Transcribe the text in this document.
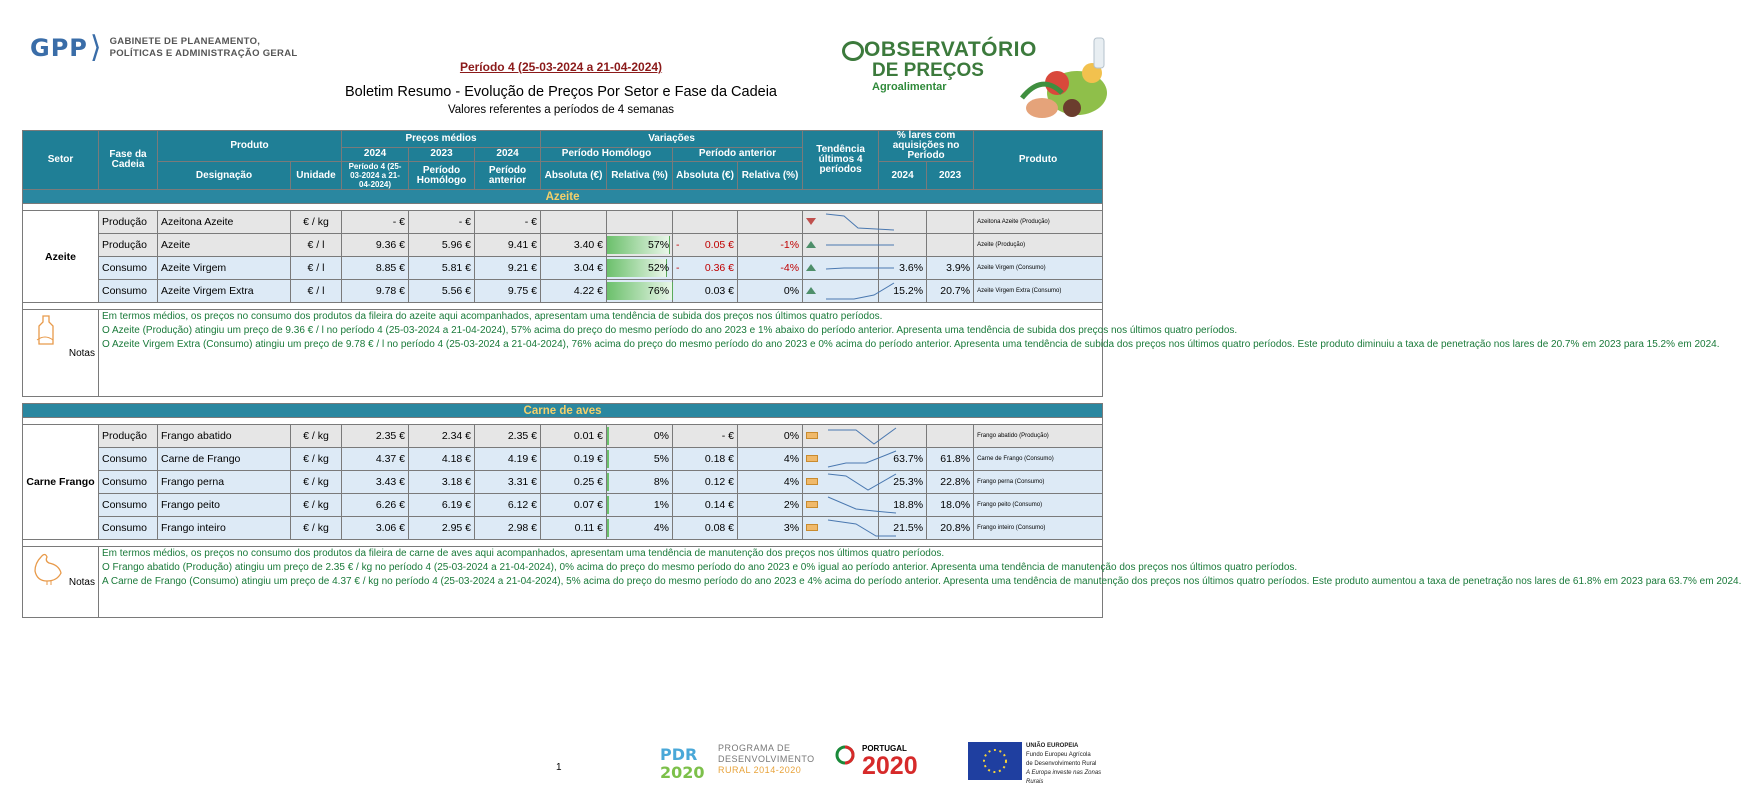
GPP ⟩ GABINETE DE PLANEAMENTO,
POLÍTICAS E ADMINISTRAÇÃO GERAL
Período 4 (25-03-2024 a 21-04-2024)
Boletim Resumo - Evolução de Preços Por Setor e Fase da Cadeia
Valores referentes a períodos de 4 semanas
OBSERVATÓRIO
DE PREÇOS
Agroalimentar
Setor	Fase da Cadeia	Produto		Preços médios			Variações				Tendência últimos 4 períodos	% lares com aquisições no Período		Produto
				2024	2023	2024	Período Homólogo		Período anterior					
		Designação	Unidade	Período 4 (25-03-2024 a 21-04-2024)	Período Homólogo	Período anterior	Absoluta (€)	Relativa (%)	Absoluta (€)	Relativa (%)		2024	2023	
Azeite														

Azeite	Produção	Azeitona Azeite	€ / kg	- €	- €	- €								Azeitona Azeite (Produção)
	Produção	Azeite	€ / l	9.36 €	5.96 €	9.41 €	3.40 €	57%	- 0.05 €	-1%				Azeite (Produção)
	Consumo	Azeite Virgem	€ / l	8.85 €	5.81 €	9.21 €	3.04 €	52%	- 0.36 €	-4%		3.6%	3.9%	Azeite Virgem (Consumo)
	Consumo	Azeite Virgem Extra	€ / l	9.78 €	5.56 €	9.75 €	4.22 €	76%	0.03 €	0%		15.2%	20.7%	Azeite Virgem Extra (Consumo)

Notas	Em termos médios, os preços no consumo dos produtos da fileira do azeite aqui acompanhados, apresentam uma tendência de subida dos preços nos últimos quatro períodos.
O Azeite (Produção) atingiu um preço de 9.36 € / l no período 4 (25-03-2024 a 21-04-2024), 57% acima do preço do mesmo período do ano 2023 e 1% abaixo do período anterior. Apresenta uma tendência de subida dos preços nos últimos quatro períodos.
O Azeite Virgem Extra (Consumo) atingiu um preço de 9.78 € / l no período 4 (25-03-2024 a 21-04-2024), 76% acima do preço do mesmo período do ano 2023 e 0% acima do período anterior. Apresenta uma tendência de subida dos preços nos últimos quatro períodos. Este produto diminuiu a taxa de penetração nos lares de 20.7% em 2023 para 15.2% em 2024.													

Carne de aves														

Carne Frango	Produção	Frango abatido	€ / kg	2.35 €	2.34 €	2.35 €	0.01 €	0%	- €	0%				Frango abatido (Produção)
	Consumo	Carne de Frango	€ / kg	4.37 €	4.18 €	4.19 €	0.19 €	5%	0.18 €	4%		63.7%	61.8%	Carne de Frango (Consumo)
	Consumo	Frango perna	€ / kg	3.43 €	3.18 €	3.31 €	0.25 €	8%	0.12 €	4%		25.3%	22.8%	Frango perna (Consumo)
	Consumo	Frango peito	€ / kg	6.26 €	6.19 €	6.12 €	0.07 €	1%	0.14 €	2%		18.8%	18.0%	Frango peito (Consumo)
	Consumo	Frango inteiro	€ / kg	3.06 €	2.95 €	2.98 €	0.11 €	4%	0.08 €	3%		21.5%	20.8%	Frango inteiro (Consumo)

Notas	Em termos médios, os preços no consumo dos produtos da fileira de carne de aves aqui acompanhados, apresentam uma tendência de manutenção dos preços nos últimos quatro períodos.
O Frango abatido (Produção) atingiu um preço de 2.35 € / kg no período 4 (25-03-2024 a 21-04-2024), 0% acima do preço do mesmo período do ano 2023 e 0% igual ao período anterior. Apresenta uma tendência de manutenção dos preços nos últimos quatro períodos.
A Carne de Frango (Consumo) atingiu um preço de 4.37 € / kg no período 4 (25-03-2024 a 21-04-2024), 5% acima do preço do mesmo período do ano 2023 e 4% acima do período anterior. Apresenta uma tendência de manutenção dos preços nos últimos quatro períodos. Este produto aumentou a taxa de penetração nos lares de 61.8% em 2023 para 63.7% em 2024.													
1
PDR
2020
PROGRAMA DE
DESENVOLVIMENTO
RURAL 2014-2020
PORTUGAL
2020
UNIÃO EUROPEIA
Fundo Europeu Agrícola
de Desenvolvimento Rural
A Europa investe nas Zonas Rurais
